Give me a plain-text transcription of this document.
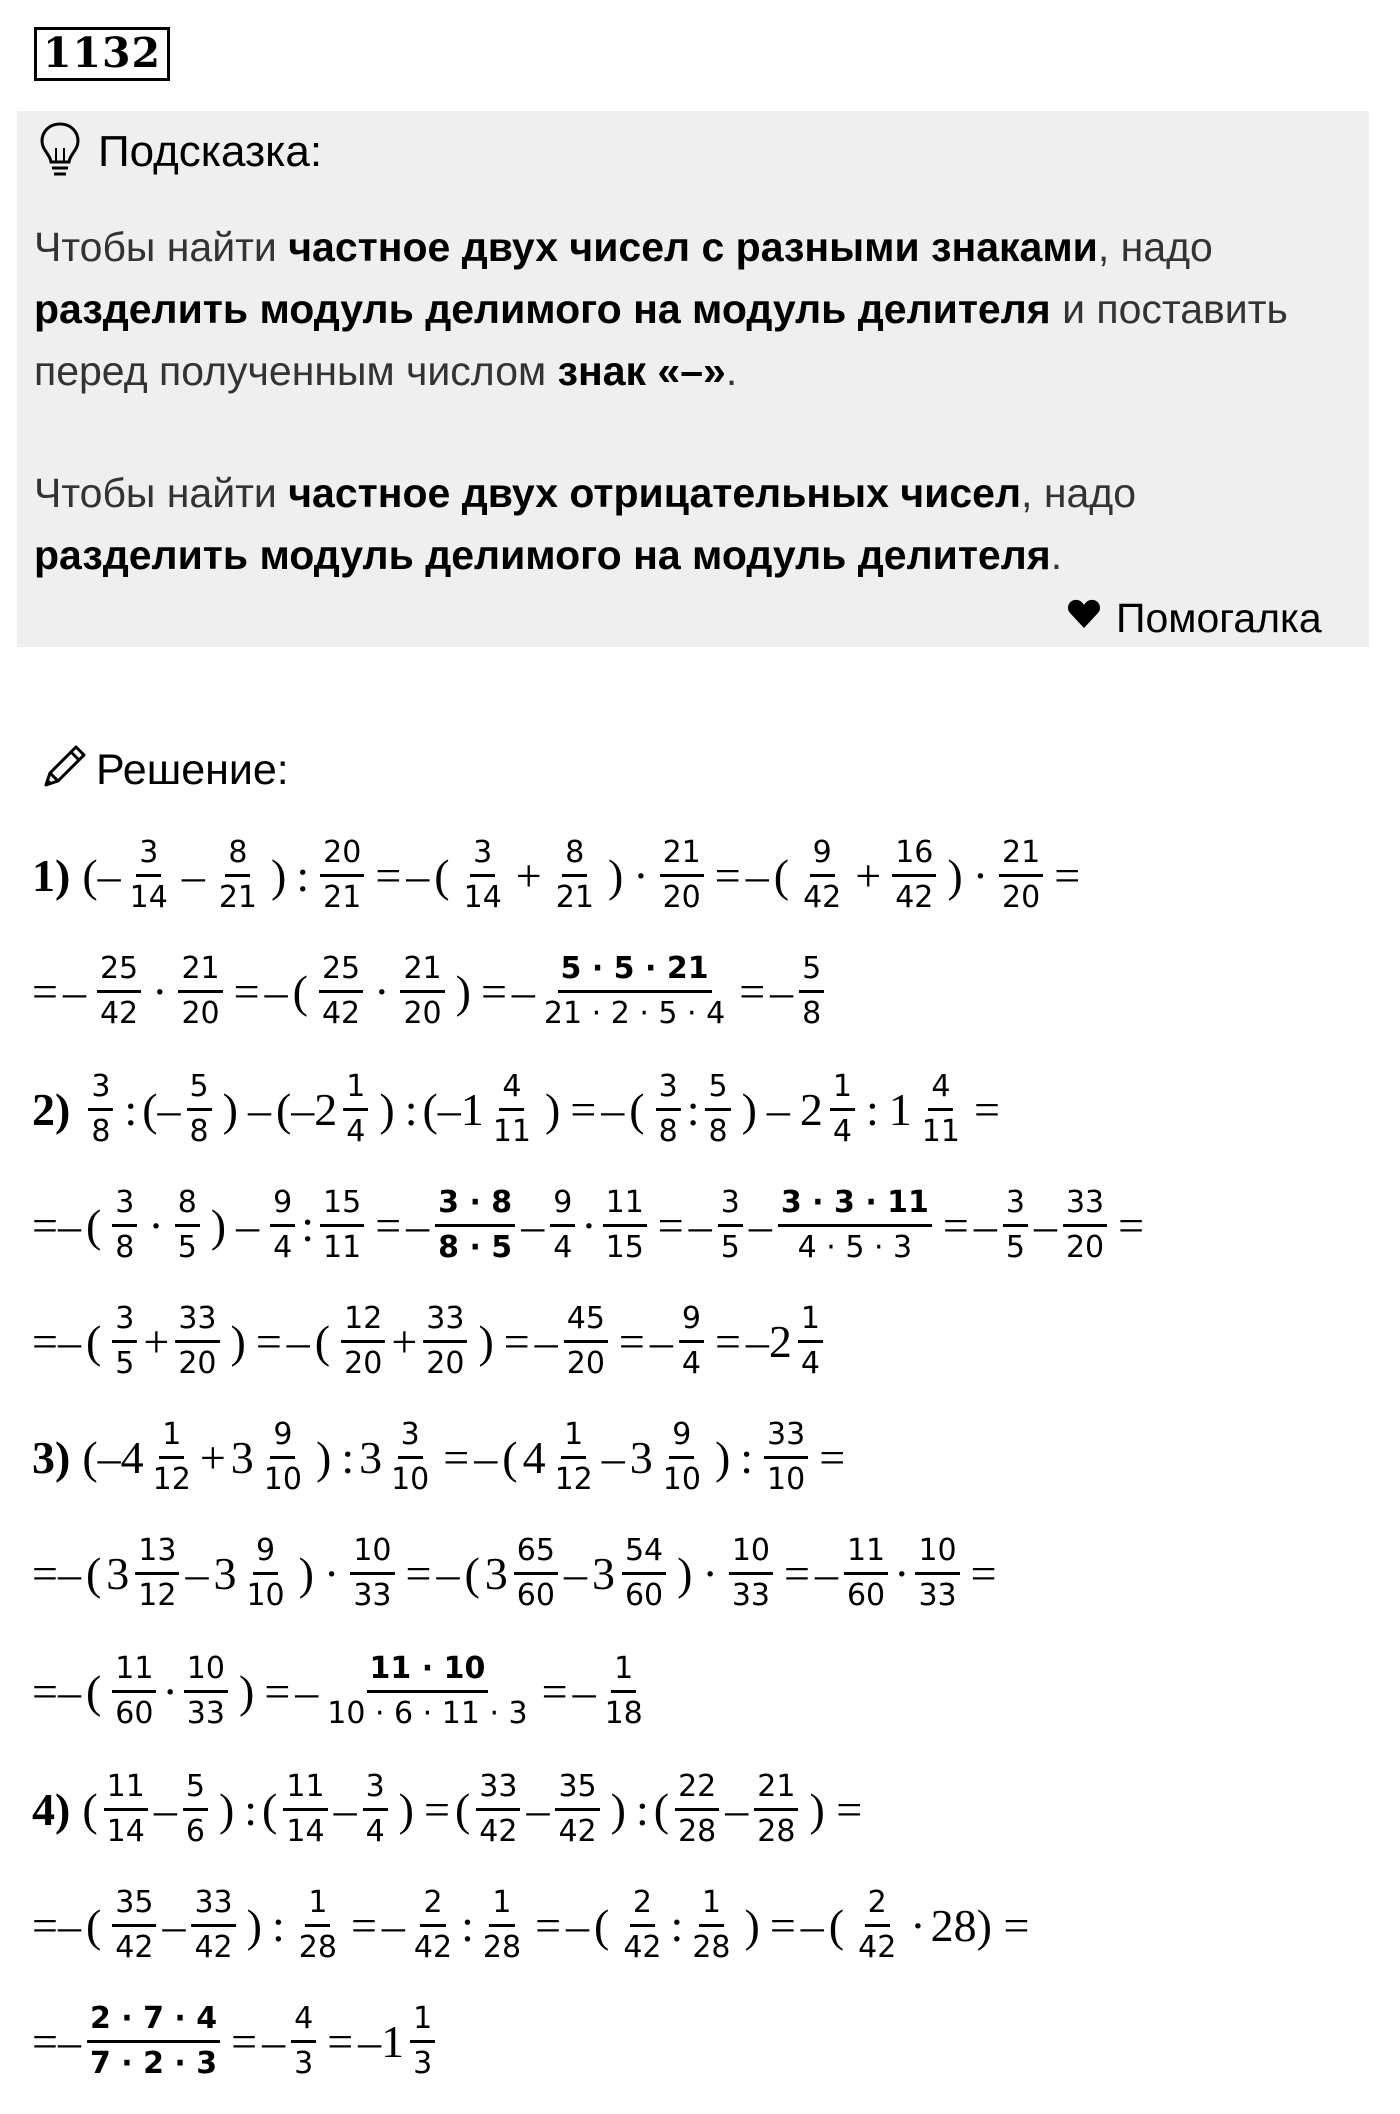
1132
Подсказка:
Чтобы найти частное двух чисел с разными знаками, надо разделить модуль делимого на модуль делителя и поставить перед полученным числом знак «–».
Чтобы найти частное двух отрицательных чисел, надо разделить модуль делимого на модуль делителя.
Помогалка
Решение:
1) (– $\frac{3}{14} - \frac{8}{21}$ ) : $\frac{20}{21}$ = – ( $\frac{3}{14} + \frac{8}{21}$ ) · $\frac{21}{20}$ = – ( $\frac{9}{42} + \frac{16}{42}$ ) · $\frac{21}{20}$ =
= – $\frac{25}{42} \cdot \frac{21}{20}$ = – ( $\frac{25}{42} \cdot \frac{21}{20}$ ) = – $\frac{5 \cdot 5 \cdot 21}{21 \cdot 2 \cdot 5 \cdot 4}$ = – $\frac{5}{8}$
$2) \frac{3}{8}$ : (– $\frac{5}{8}$ ) – ($-2 \frac{1}{4}$ ) : ($-1 \frac{4}{11}$ ) = – ( $\frac{3}{8}$ : $\frac{5}{8}$ ) – $2 \frac{1}{4}$ : $1 \frac{4}{11}$ =
= – ( $\frac{3}{8} \cdot \frac{8}{5}$ ) – $\frac{9}{4}$ : $\frac{15}{11}$ = – $\frac{3 \cdot 8}{8 \cdot 5} - \frac{9}{4} \cdot \frac{11}{15}$ = – $\frac{3}{5} - \frac{3 \cdot 3 \cdot 11}{4 \cdot 5 \cdot 3}$ = – $\frac{3}{5} - \frac{33}{20}$ =
= – ( $\frac{3}{5} + \frac{33}{20}$ ) = – ( $\frac{12}{20} + \frac{33}{20}$ ) = – $\frac{45}{20}$ = – $\frac{9}{4} = -2 \frac{1}{4}$
3) ( $-4 \frac{1}{12} + 3 \frac{9}{10}$ ) : $3 \frac{3}{10}$ = – ( $4 \frac{1}{12} - 3 \frac{9}{10}$ ) : $\frac{33}{10}$ =
= – ( $3 \frac{13}{12} - 3 \frac{9}{10}$ ) · $\frac{10}{33}$ = – ( $3 \frac{65}{60} - 3 \frac{54}{60}$ ) · $\frac{10}{33}$ = – $\frac{11}{60} \cdot \frac{10}{33}$ =
= – ( $\frac{11}{60} \cdot \frac{10}{33}$ ) = – $\frac{11 \cdot 10}{10 \cdot 6 \cdot 11 \cdot 3}$ = – $\frac{1}{18}$
4) ( $\frac{11}{14} - \frac{5}{6}$ ) : ( $\frac{11}{14} - \frac{3}{4}$ ) = ( $\frac{33}{42} - \frac{35}{42}$ ) : ( $\frac{22}{28} - \frac{21}{28}$ ) =
= – ( $\frac{35}{42} - \frac{33}{42}$ ) : $\frac{1}{28}$ = – $\frac{2}{42}$ : $\frac{1}{28}$ = – ( $\frac{2}{42}$ : $\frac{1}{28}$ ) = – ( $\frac{2}{42} \cdot 28$) =
= – $\frac{2 \cdot 7 \cdot 4}{7 \cdot 2 \cdot 3}$ = – $\frac{4}{3} = -1 \frac{1}{3}$
